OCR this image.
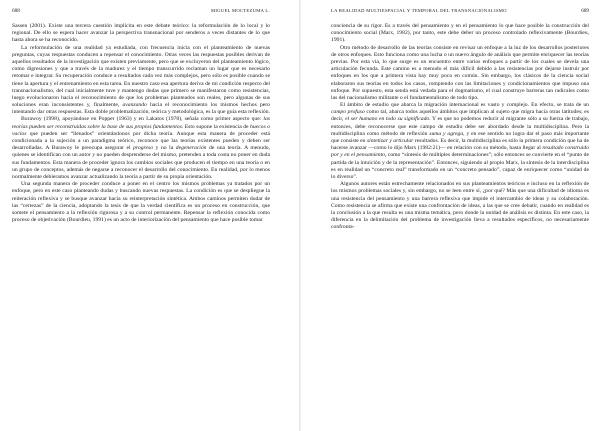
688	MIGUEL MOCTEZUMA L.

Sassen (2001). Existe una tercera cuestión implícita en este debate teórico: la reformulación de lo local y lo regional. De ello se espera hacer avanzar la perspectiva transnacional por senderos a veces distantes de lo que hasta ahora se ha reconocido.

La reformulación de una realidad ya estudiada, con frecuencia inicia con el planteamiento de nuevas preguntas, cuyas respuestas conducen a repensar el conocimiento. Otras veces las respuestas posibles derivan de aquellos resultados de la investigación que existen previamente, pero que se excluyeron del planteamiento lógico, como digresiones y que a través de la madurez y el tiempo transcurrido reclaman un lugar que es necesario retomar e integrar. Su recuperación conduce a resultados cada vez más complejos, pero sólo es posible cuando se tiene la apertura y el entrenamiento en esta tarea. En nuestro caso esa apertura deriva de mi condición respecto del transnacionalismo, del cual inicialmente tuve y mantengo dudas que primero se manifestaron como resistencias, luego evolucionaron hacia el reconocimiento de que los problemas planteados son reales, pero algunas de sus soluciones eran inconsistentes y, finalmente, avanzando hacia el reconocimiento los mismos hechos pero intentando dar otras respuestas. Esta doble problematización, teórica y metodológica, es la que guía esta reflexión.

Burawoy (1998), apoyándose en Popper (1963) y en Lakatos (1978), señala como primer aspecto que: las teorías pueden ser reconstruidas sobre la base de sus propios fundamentos. Esto supone la existencia de huecos o vacíos que pueden ser “llenados” orientándonos por dicha teoría. Aunque esta manera de proceder está condicionada a la sujeción a un paradigma teórico, reconoce que las teorías existentes pueden y deben ser desarrolladas. A Burawoy le preocupa asegurar el progreso y no la degeneración de una teoría. A menudo, quienes se identifican con un autor y no pueden desprenderse del mismo, pretenden a toda costa no poner en duda sus fundamentos. Esta manera de proceder ignora los cambios sociales que producen el tiempo en una teoría o en un grupo de conceptos, además de negarse a reconocer el desarrollo del conocimiento. En realidad, por lo menos normalmente debieramos avanzar actualizando la teoría a partir de su propia orientación.

Una segunda manera de proceder conduce a poner en el centro los mismos problemas ya tratados por un enfoque, pero en este caso planteando dudas y buscando nuevas respuestas. La condición es que se despliegue la reiteración reflexiva y se busque avanzar hacia su reinterpretación sintética. Ambos caminos permiten dudar de las “certezas” de la ciencia, adoptando la tesis de que la verdad científica es un proceso en construcción, que somete el pensamiento a la reflexión rigurosa y a su control permanente. Repensar la reflexión conocida como proceso de objetivación (Bourdieu, 1991) es un acto de interiorización del pensamiento que hace posible tomar

LA REALIDAD MULTIESPACIAL Y TEMPORAL DEL TRANSNACIONALISMO	689

conciencia de su rigor. Es a través del pensamiento y en el pensamiento lo que hace posible la construcción del conocimiento social (Marx, 1982), por tanto, este debe deber un proceso controlado reflexivamente (Bourdieu, 1991).

Otro método de desarrollo de las teorías consiste en revisar un enfoque a la luz de los desarrollos posteriores de otros enfoques. Esto funciona como una lucha o un nuevo ángulo de análisis que permite enriquecer las teorías previas. Por esta vía, lo que surge es un encuentro entre varios enfoques a partir de los cuales se devela una articulación fecunda. Este camino es a menudo el más difícil debido a las resistencias por dejarse instruir por enfoques en los que a primera vista hay muy poco en común. Sin embargo, los clásicos de la ciencia social elaboraron sus teorías en todos los casos, rompiendo con las limitaciones y condicionamientos que impuso una enfoque. Por supuesto, esta senda está vedada para el dogmatismo, el cual construye barreras tan radicales como las del nacionalismo militante o el fundamentalismo de todo tipo.

El ámbito de estudio que abarca la migración internacional es vasto y complejo. En efecto, se trata de un campo profuso como tal, abarca todos aquellos ámbitos que implican al sujeto que migra hacia otras latitudes; es decir, el ser humano en todo su significado. Y es que no podemos reducir al migrante sólo a su fuerza de trabajo, entonces, debe reconocerse que este campo de estudio debe ser abordado desde la multidisciplina. Pero la multidisciplina como método de reflexión suma y agrega, y en ese sentido no logra dar el paso más importante que consiste en sintetizar y articular resultados. Es decir, la multidisciplina es sólo la primera condición que ha de hacerse avanzar —como lo dijo Marx (1982:21)— en relación con su método, hasta llegar al resultado construido por y en el pensamiento, como “síntesis de múltiples determinaciones”; sólo entonces se convierte en el “punto de partida de la intuición y de la representación”. Entonces, siguiendo al propio Marx, la síntesis de la interdisciplina es en realidad un “concreto real” transformado en un “concreto pensado”, capaz de enriquecer como “unidad de lo diverso”.

Algunos autores están estrechamente relacionados en sus planteamientos teóricos e incluso en la reflexión de los mismos problemas sociales y, sin embargo, no se leen entre sí, ¿por qué? Más que una dificultad de idioma es una resistencia del pensamiento y una barrera reflexiva que impide el intercambio de ideas y su colaboración. Como resistencia se afirma que existe una confrontación de ideas, a las que se cree debatir, cuando en realidad es la conclusión a la que resulta es una misma temática, pero donde la unidad de análisis es distinta. En este caso, la diferencia en la delimitación del problema de investigación lleva a resultados específicos, no necesariamente confronta-
